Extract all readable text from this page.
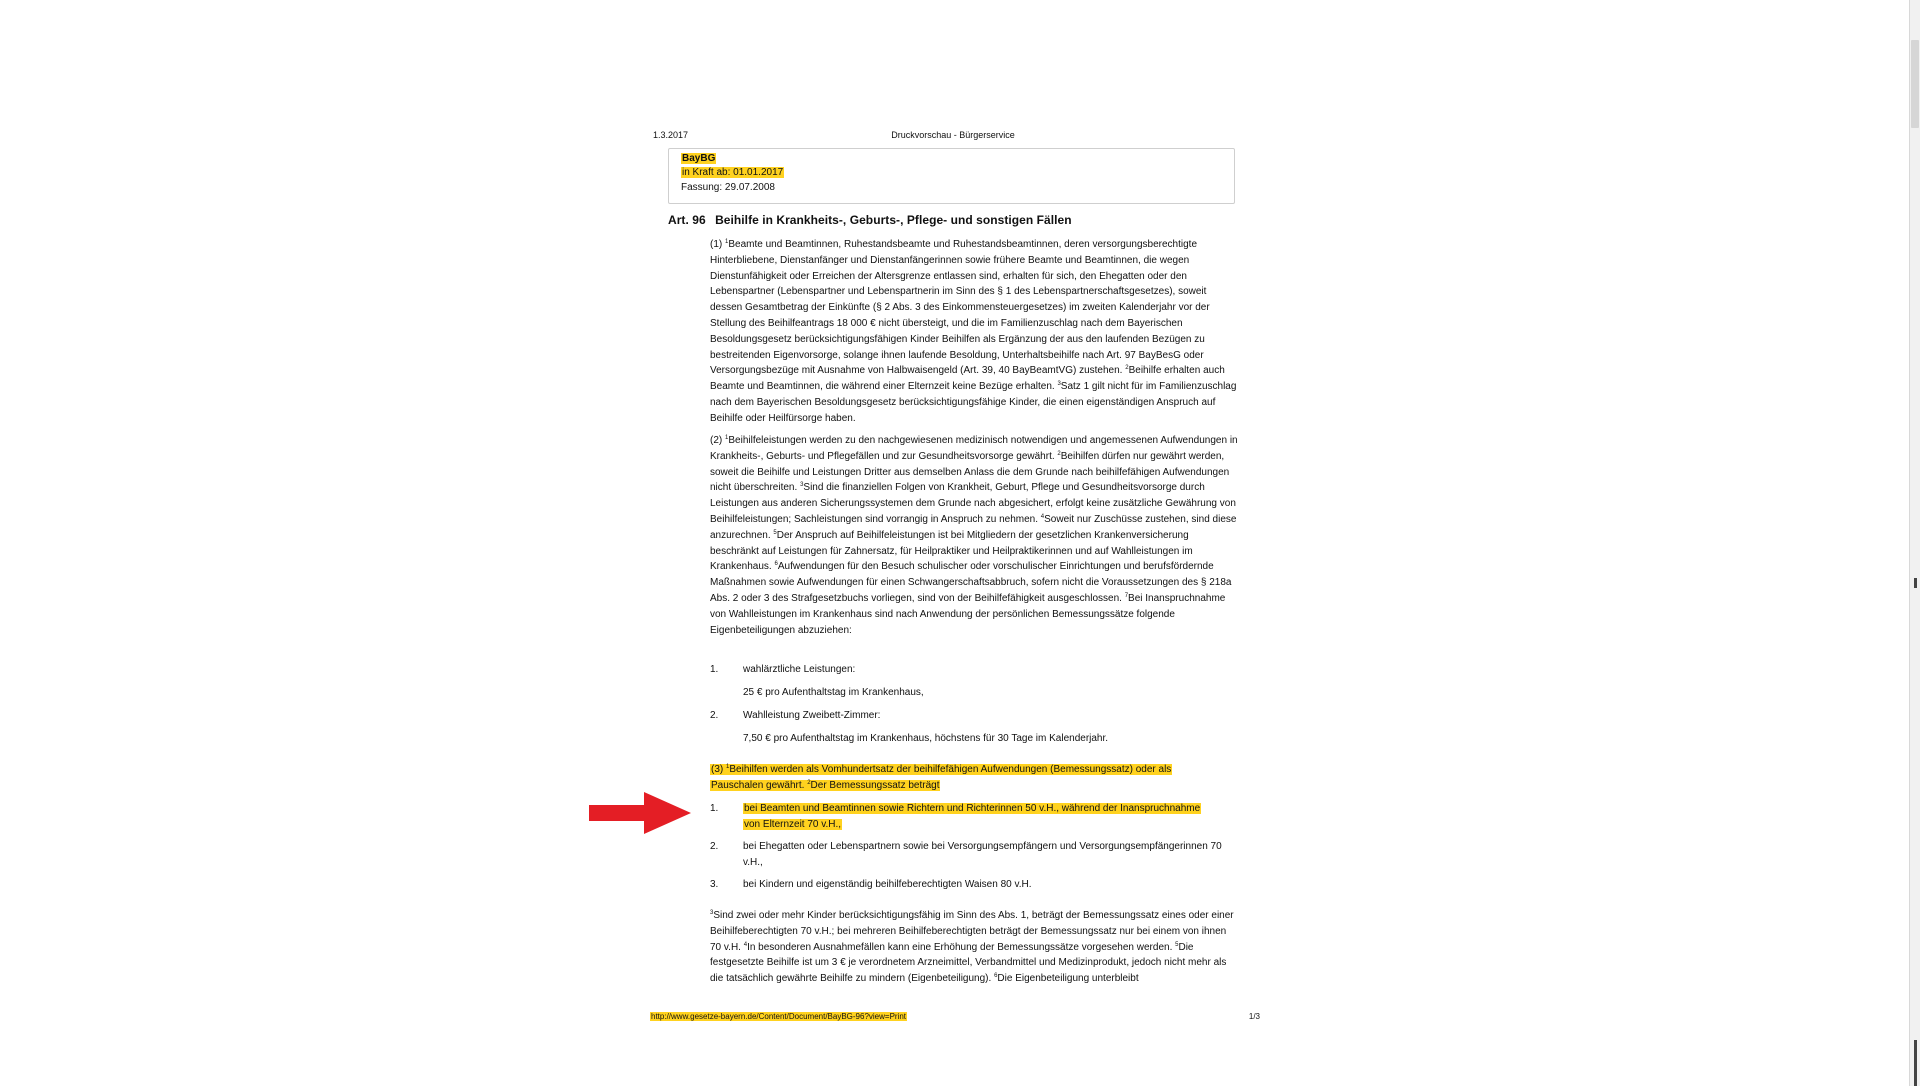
1.3.2017	Druckvorschau - Bürgerservice
BayBG
in Kraft ab: 01.01.2017
Fassung: 29.07.2008
Art. 96 Beihilfe in Krankheits-, Geburts-, Pflege- und sonstigen Fällen

(1) $^1$Beamte und Beamtinnen, Ruhestandsbeamte und Ruhestandsbeamtinnen, deren versorgungsberechtigte Hinterbliebene, Dienstanfänger und Dienstanfängerinnen sowie frühere Beamte und Beamtinnen, die wegen Dienstunfähigkeit oder Erreichen der Altersgrenze entlassen sind, erhalten für sich, den Ehegatten oder den Lebenspartner (Lebenspartner und Lebenspartnerin im Sinn des § 1 des Lebenspartnerschaftsgesetzes), soweit dessen Gesamtbetrag der Einkünfte (§ 2 Abs. 3 des Einkommensteuergesetzes) im zweiten Kalenderjahr vor der Stellung des Beihilfeantrags 18 000 € nicht übersteigt, und die im Familienzuschlag nach dem Bayerischen Besoldungsgesetz berücksichtigungsfähigen Kinder Beihilfen als Ergänzung der aus den laufenden Bezügen zu bestreitenden Eigenvorsorge, solange ihnen laufende Besoldung, Unterhaltsbeihilfe nach Art. 97 BayBesG oder Versorgungsbezüge mit Ausnahme von Halbwaisengeld (Art. 39, 40 BayBeamtVG) zustehen. $^2$Beihilfe erhalten auch Beamte und Beamtinnen, die während einer Elternzeit keine Bezüge erhalten. $^3$Satz 1 gilt nicht für im Familienzuschlag nach dem Bayerischen Besoldungsgesetz berücksichtigungsfähige Kinder, die einen eigenständigen Anspruch auf Beihilfe oder Heilfürsorge haben.

(2) $^1$Beihilfeleistungen werden zu den nachgewiesenen medizinisch notwendigen und angemessenen Aufwendungen in Krankheits-, Geburts- und Pflegefällen und zur Gesundheitsvorsorge gewährt. $^2$Beihilfen dürfen nur gewährt werden, soweit die Beihilfe und Leistungen Dritter aus demselben Anlass die dem Grunde nach beihilfefähigen Aufwendungen nicht überschreiten. $^3$Sind die finanziellen Folgen von Krankheit, Geburt, Pflege und Gesundheitsvorsorge durch Leistungen aus anderen Sicherungssystemen dem Grunde nach abgesichert, erfolgt keine zusätzliche Gewährung von Beihilfeleistungen; Sachleistungen sind vorrangig in Anspruch zu nehmen. $^4$Soweit nur Zuschüsse zustehen, sind diese anzurechnen. $^5$Der Anspruch auf Beihilfeleistungen ist bei Mitgliedern der gesetzlichen Krankenversicherung beschränkt auf Leistungen für Zahnersatz, für Heilpraktiker und Heilpraktikerinnen und auf Wahlleistungen im Krankenhaus. $^6$Aufwendungen für den Besuch schulischer oder vorschulischer Einrichtungen und berufsfördernde Maßnahmen sowie Aufwendungen für einen Schwangerschaftsabbruch, sofern nicht die Voraussetzungen des § 218a Abs. 2 oder 3 des Strafgesetzbuchs vorliegen, sind von der Beihilfefähigkeit ausgeschlossen. $^7$Bei Inanspruchnahme von Wahlleistungen im Krankenhaus sind nach Anwendung der persönlichen Bemessungssätze folgende Eigenbeteiligungen abzuziehen:

1. wahlärztliche Leistungen:
25 € pro Aufenthaltstag im Krankenhaus,
2. Wahlleistung Zweibett-Zimmer:
7,50 € pro Aufenthaltstag im Krankenhaus, höchstens für 30 Tage im Kalenderjahr.
(3) $^1$Beihilfen werden als Vomhundertsatz der beihilfefähigen Aufwendungen (Bemessungssatz) oder als
Pauschalen gewährt. $^2$Der Bemessungssatz beträgt
1.	bei Beamten und Beamtinnen sowie Richtern und Richterinnen 50 v.H., während der Inanspruchnahme
von Elternzeit 70 v.H.,
2. bei Ehegatten oder Lebenspartnern sowie bei Versorgungsempfängern und Versorgungsempfängerinnen 70 v.H.,
3. bei Kindern und eigenständig beihilfeberechtigten Waisen 80 v.H.

$^3$Sind zwei oder mehr Kinder berücksichtigungsfähig im Sinn des Abs. 1, beträgt der Bemessungssatz eines oder einer Beihilfeberechtigten 70 v.H.; bei mehreren Beihilfeberechtigten beträgt der Bemessungssatz nur bei einem von ihnen 70 v.H. $^4$In besonderen Ausnahmefällen kann eine Erhöhung der Bemessungssätze vorgesehen werden. $^5$Die festgesetzte Beihilfe ist um 3 € je verordnetem Arzneimittel, Verbandmittel und Medizinprodukt, jedoch nicht mehr als die tatsächlich gewährte Beihilfe zu mindern (Eigenbeteiligung). $^6$Die Eigenbeteiligung unterbleibt

http://www.gesetze-bayern.de/Content/Document/BayBG-96?view=Print	1/3
